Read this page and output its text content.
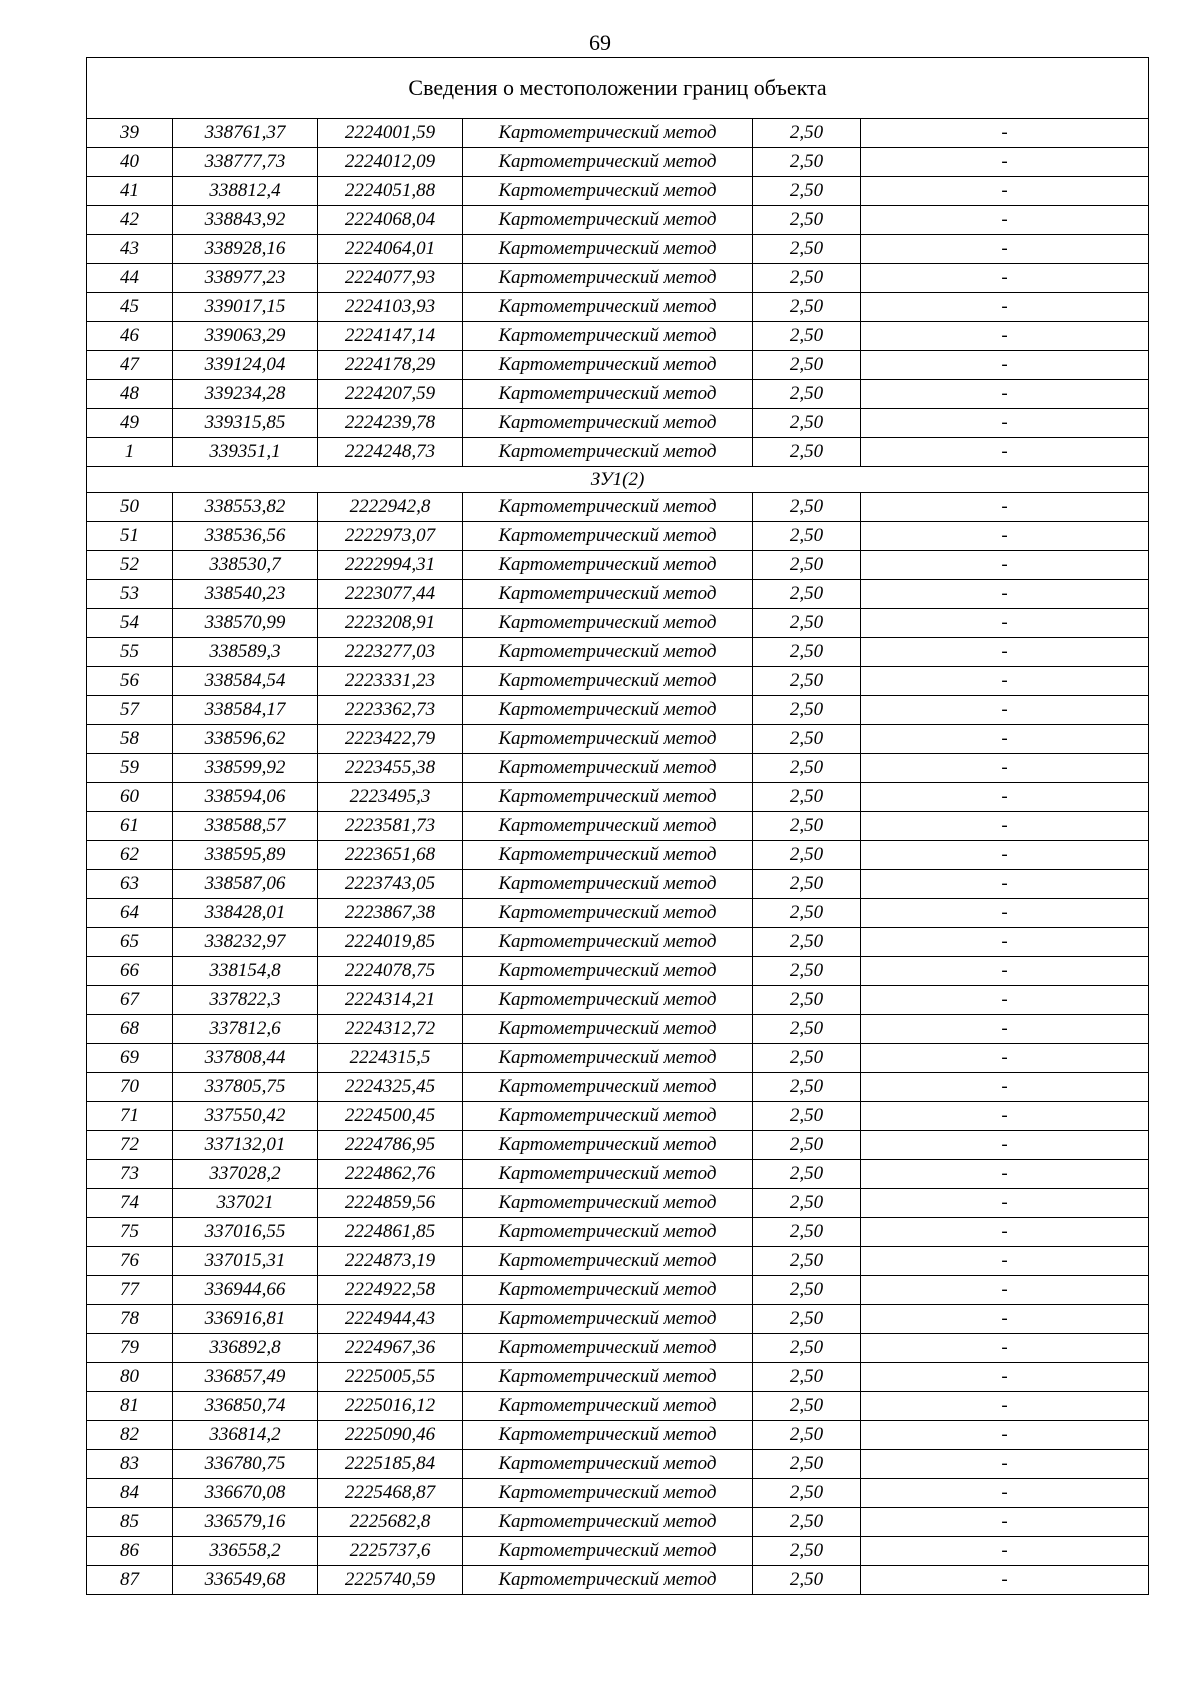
69
Сведения о местоположении границ объекта					
39	338761,37	2224001,59	Картометрический метод	2,50	-
40	338777,73	2224012,09	Картометрический метод	2,50	-
41	338812,4	2224051,88	Картометрический метод	2,50	-
42	338843,92	2224068,04	Картометрический метод	2,50	-
43	338928,16	2224064,01	Картометрический метод	2,50	-
44	338977,23	2224077,93	Картометрический метод	2,50	-
45	339017,15	2224103,93	Картометрический метод	2,50	-
46	339063,29	2224147,14	Картометрический метод	2,50	-
47	339124,04	2224178,29	Картометрический метод	2,50	-
48	339234,28	2224207,59	Картометрический метод	2,50	-
49	339315,85	2224239,78	Картометрический метод	2,50	-
1	339351,1	2224248,73	Картометрический метод	2,50	-
ЗУ1(2)					
50	338553,82	2222942,8	Картометрический метод	2,50	-
51	338536,56	2222973,07	Картометрический метод	2,50	-
52	338530,7	2222994,31	Картометрический метод	2,50	-
53	338540,23	2223077,44	Картометрический метод	2,50	-
54	338570,99	2223208,91	Картометрический метод	2,50	-
55	338589,3	2223277,03	Картометрический метод	2,50	-
56	338584,54	2223331,23	Картометрический метод	2,50	-
57	338584,17	2223362,73	Картометрический метод	2,50	-
58	338596,62	2223422,79	Картометрический метод	2,50	-
59	338599,92	2223455,38	Картометрический метод	2,50	-
60	338594,06	2223495,3	Картометрический метод	2,50	-
61	338588,57	2223581,73	Картометрический метод	2,50	-
62	338595,89	2223651,68	Картометрический метод	2,50	-
63	338587,06	2223743,05	Картометрический метод	2,50	-
64	338428,01	2223867,38	Картометрический метод	2,50	-
65	338232,97	2224019,85	Картометрический метод	2,50	-
66	338154,8	2224078,75	Картометрический метод	2,50	-
67	337822,3	2224314,21	Картометрический метод	2,50	-
68	337812,6	2224312,72	Картометрический метод	2,50	-
69	337808,44	2224315,5	Картометрический метод	2,50	-
70	337805,75	2224325,45	Картометрический метод	2,50	-
71	337550,42	2224500,45	Картометрический метод	2,50	-
72	337132,01	2224786,95	Картометрический метод	2,50	-
73	337028,2	2224862,76	Картометрический метод	2,50	-
74	337021	2224859,56	Картометрический метод	2,50	-
75	337016,55	2224861,85	Картометрический метод	2,50	-
76	337015,31	2224873,19	Картометрический метод	2,50	-
77	336944,66	2224922,58	Картометрический метод	2,50	-
78	336916,81	2224944,43	Картометрический метод	2,50	-
79	336892,8	2224967,36	Картометрический метод	2,50	-
80	336857,49	2225005,55	Картометрический метод	2,50	-
81	336850,74	2225016,12	Картометрический метод	2,50	-
82	336814,2	2225090,46	Картометрический метод	2,50	-
83	336780,75	2225185,84	Картометрический метод	2,50	-
84	336670,08	2225468,87	Картометрический метод	2,50	-
85	336579,16	2225682,8	Картометрический метод	2,50	-
86	336558,2	2225737,6	Картометрический метод	2,50	-
87	336549,68	2225740,59	Картометрический метод	2,50	-
